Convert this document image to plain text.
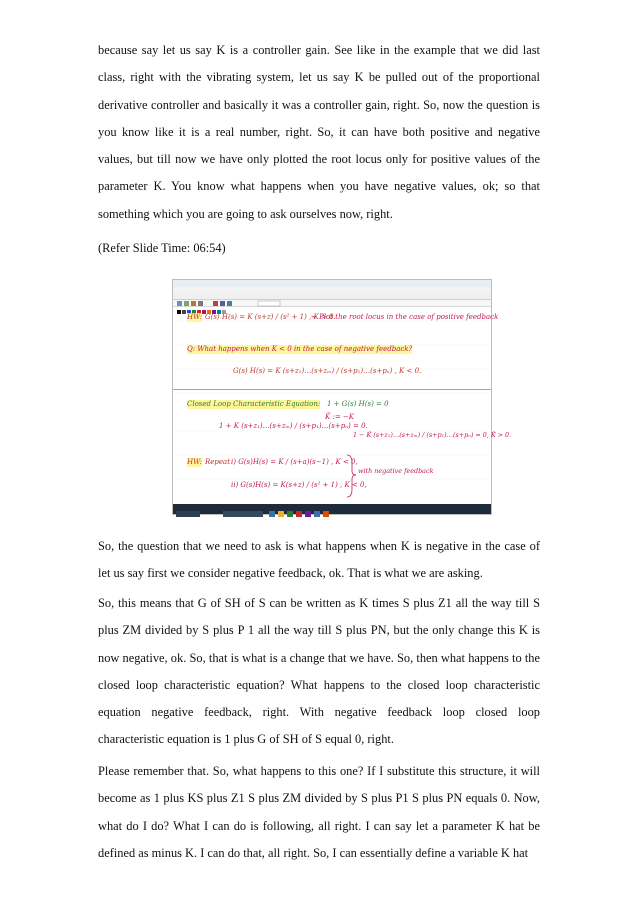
because say let us say K is a controller gain. See like in the example that we did last class, right with the vibrating system, let us say K be pulled out of the proportional derivative controller and basically it was a controller gain, right. So, now the question is you know like it is a real number, right. So, it can have both positive and negative values, but till now we have only plotted the root locus only for positive values of the parameter K. You know what happens when you have negative values, ok; so that something which you are going to ask ourselves now, right.

(Refer Slide Time: 06:54)
HW: G(s) H(s) = K (s+z) / (s² + 1) , K > 0.
⇝ Plot the root locus in the case of positive feedback
Q: What happens when K < 0 in the case of negative feedback?
G(s) H(s) = K (s+z₁)…(s+zₘ) / (s+p₁)…(s+pₙ) , K < 0.
Closed Loop Characteristic Equation: 1 + G(s) H(s) = 0
1 + K (s+z₁)…(s+zₘ) / (s+p₁)…(s+pₙ) = 0.
K̂ := −K
1 − K̂ (s+z₁)…(s+zₘ) / (s+p₁)…(s+pₙ) = 0, K̂ > 0.
HW: Repeat i) G(s)H(s) = K / (s+a)(s−1) , K < 0,
ii) G(s)H(s) = K(s+z) / (s² + 1) , K < 0,
with negative feedback

So, the question that we need to ask is what happens when K is negative in the case of let us say first we consider negative feedback, ok. That is what we are asking.

So, this means that G of SH of S can be written as K times S plus Z1 all the way till S plus ZM divided by S plus P 1 all the way till S plus PN, but the only change this K is now negative, ok. So, that is what is a change that we have. So, then what happens to the closed loop characteristic equation? What happens to the closed loop characteristic equation negative feedback, right. With negative feedback loop closed loop characteristic equation is 1 plus G of SH of S equal 0, right.

Please remember that. So, what happens to this one? If I substitute this structure, it will become as 1 plus KS plus Z1 S plus ZM divided by S plus P1 S plus PN equals 0. Now, what do I do? What I can do is following, all right. I can say let a parameter K hat be defined as minus K. I can do that, all right. So, I can essentially define a variable K hat
